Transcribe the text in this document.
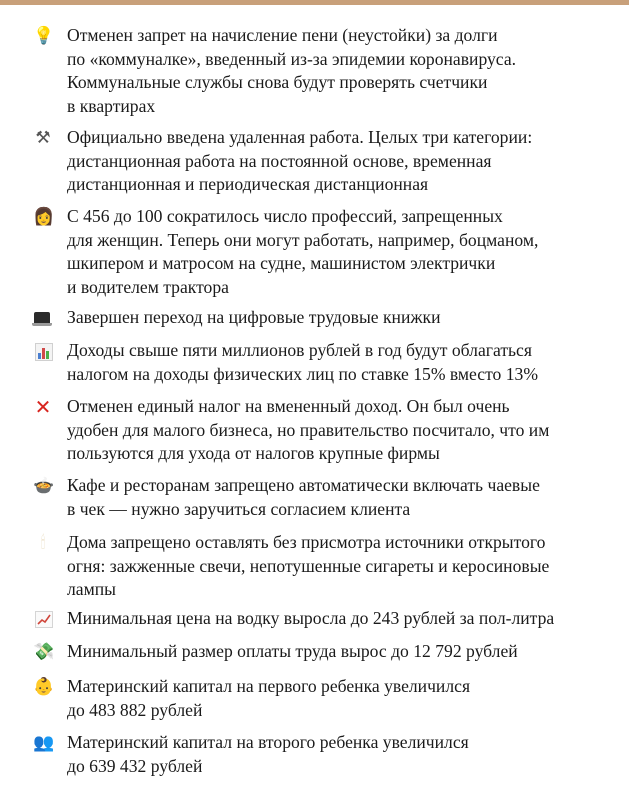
💡 Отменен запрет на начисление пени (неустойки) за долги
по «коммуналке», введенный из-за эпидемии коронавируса.
Коммунальные службы снова будут проверять счетчики
в квартирах

⚒ Официально введена удаленная работа. Целых три категории:
дистанционная работа на постоянной основе, временная
дистанционная и периодическая дистанционная

👩 С 456 до 100 сократилось число профессий, запрещенных
для женщин. Теперь они могут работать, например, боцманом,
шкипером и матросом на судне, машинистом электрички
и водителем трактора

Завершен переход на цифровые трудовые книжки

Доходы свыше пяти миллионов рублей в год будут облагаться
налогом на доходы физических лиц по ставке 15% вместо 13%

✕ Отменен единый налог на вмененный доход. Он был очень
удобен для малого бизнеса, но правительство посчитало, что им
пользуются для ухода от налогов крупные фирмы

🍲 Кафе и ресторанам запрещено автоматически включать чаевые
в чек — нужно заручиться согласием клиента

🕯	Дома запрещено оставлять без присмотра источники открытого
огня: зажженные свечи, непотушенные сигареты и керосиновые
лампы

Минимальная цена на водку выросла до 243 рублей за пол-литра

💸 Минимальный размер оплаты труда вырос до 12 792 рублей

👶 Материнский капитал на первого ребенка увеличился
до 483 882 рублей

👥 Материнский капитал на второго ребенка увеличился
до 639 432 рублей
